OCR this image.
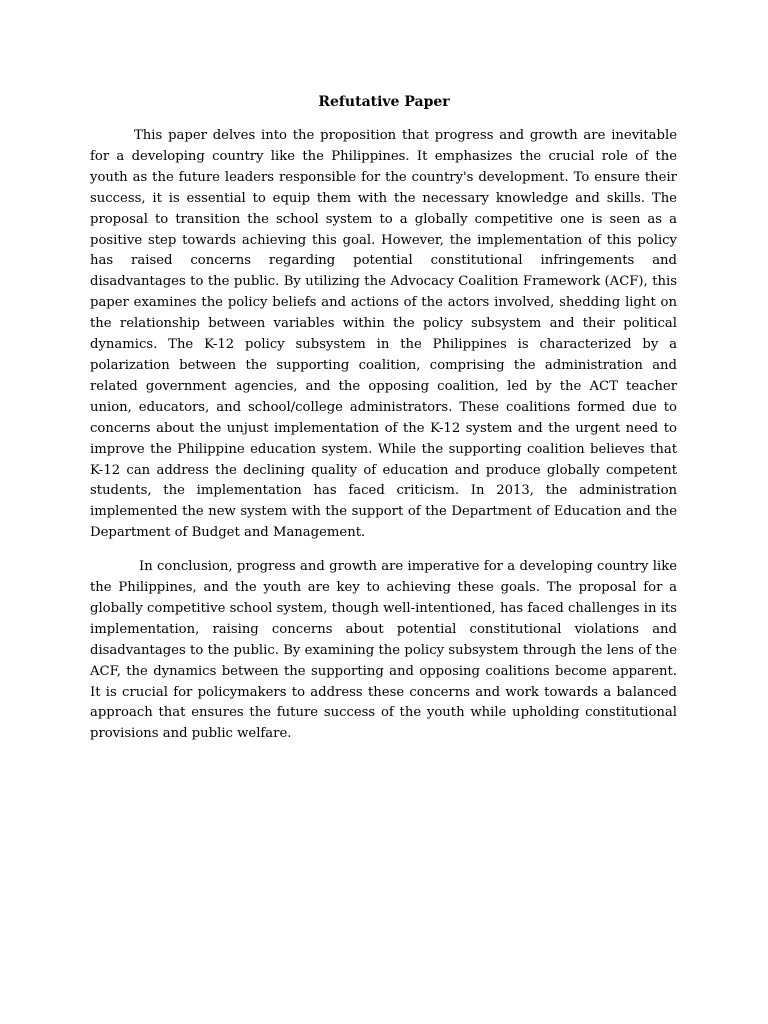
Refutative Paper

This paper delves into the proposition that progress and growth are inevitable for a developing country like the Philippines. It emphasizes the crucial role of the youth as the future leaders responsible for the country's development. To ensure their success, it is essential to equip them with the necessary knowledge and skills. The proposal to transition the school system to a globally competitive one is seen as a positive step towards achieving this goal. However, the implementation of this policy has raised concerns regarding potential constitutional infringements and disadvantages to the public. By utilizing the Advocacy Coalition Framework (ACF), this paper examines the policy beliefs and actions of the actors involved, shedding light on the relationship between variables within the policy subsystem and their political dynamics. The K-12 policy subsystem in the Philippines is characterized by a polarization between the supporting coalition, comprising the administration and related government agencies, and the opposing coalition, led by the ACT teacher union, educators, and school/college administrators. These coalitions formed due to concerns about the unjust implementation of the K-12 system and the urgent need to improve the Philippine education system. While the supporting coalition believes that K-12 can address the declining quality of education and produce globally competent students, the implementation has faced criticism. In 2013, the administration implemented the new system with the support of the Department of Education and the Department of Budget and Management.

In conclusion, progress and growth are imperative for a developing country like the Philippines, and the youth are key to achieving these goals. The proposal for a globally competitive school system, though well-intentioned, has faced challenges in its implementation, raising concerns about potential constitutional violations and disadvantages to the public. By examining the policy subsystem through the lens of the ACF, the dynamics between the supporting and opposing coalitions become apparent. It is crucial for policymakers to address these concerns and work towards a balanced approach that ensures the future success of the youth while upholding constitutional provisions and public welfare.
